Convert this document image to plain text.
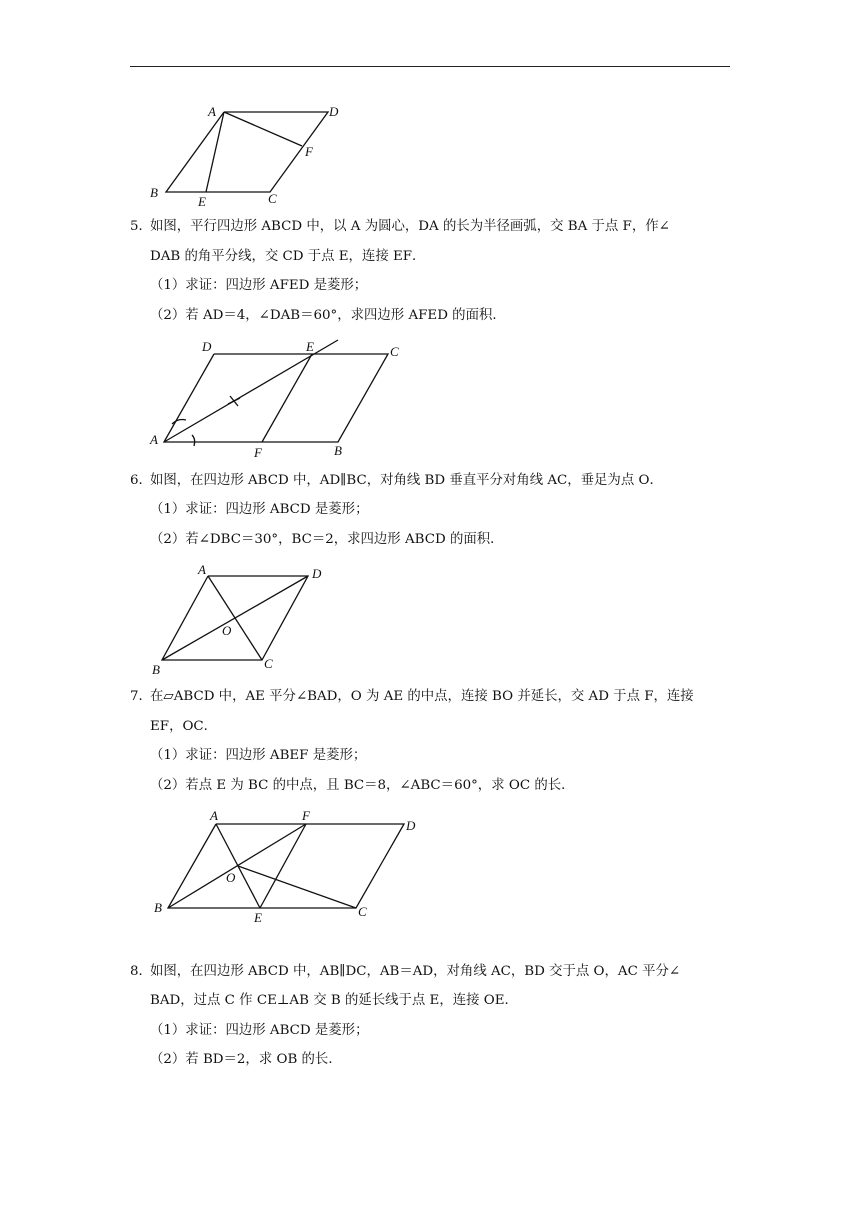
A	D
F
B
E	C
5．
如图，平行四边形 ABCD 中，以 A 为圆心，DA 的长为半径画弧，交 BA 于点 F，作∠
DAB 的角平分线，交 CD 于点 E，连接 EF．
（1）求证：四边形 AFED 是菱形；
（2）若 AD＝4，∠DAB＝60°，求四边形 AFED 的面积．
D	E	C
A
F	B
6．
如图，在四边形 ABCD 中，AD∥BC，对角线 BD 垂直平分对角线 AC，垂足为点 O．
（1）求证：四边形 ABCD 是菱形；
（2）若∠DBC＝30°，BC＝2，求四边形 ABCD 的面积．
A	D
O
B	C
7．
在▱ABCD 中，AE 平分∠BAD，O 为 AE 的中点，连接 BO 并延长，交 AD 于点 F，连接
EF，OC．
（1）求证：四边形 ABEF 是菱形；
（2）若点 E 为 BC 的中点，且 BC＝8，∠ABC＝60°，求 OC 的长．
A	F
D
O
B
E	C
8．
如图，在四边形 ABCD 中，AB∥DC，AB＝AD，对角线 AC，BD 交于点 O，AC 平分∠
BAD，过点 C 作 CE⊥AB 交 B 的延长线于点 E，连接 OE．
（1）求证：四边形 ABCD 是菱形；
（2）若 BD＝2，求 OB 的长．
